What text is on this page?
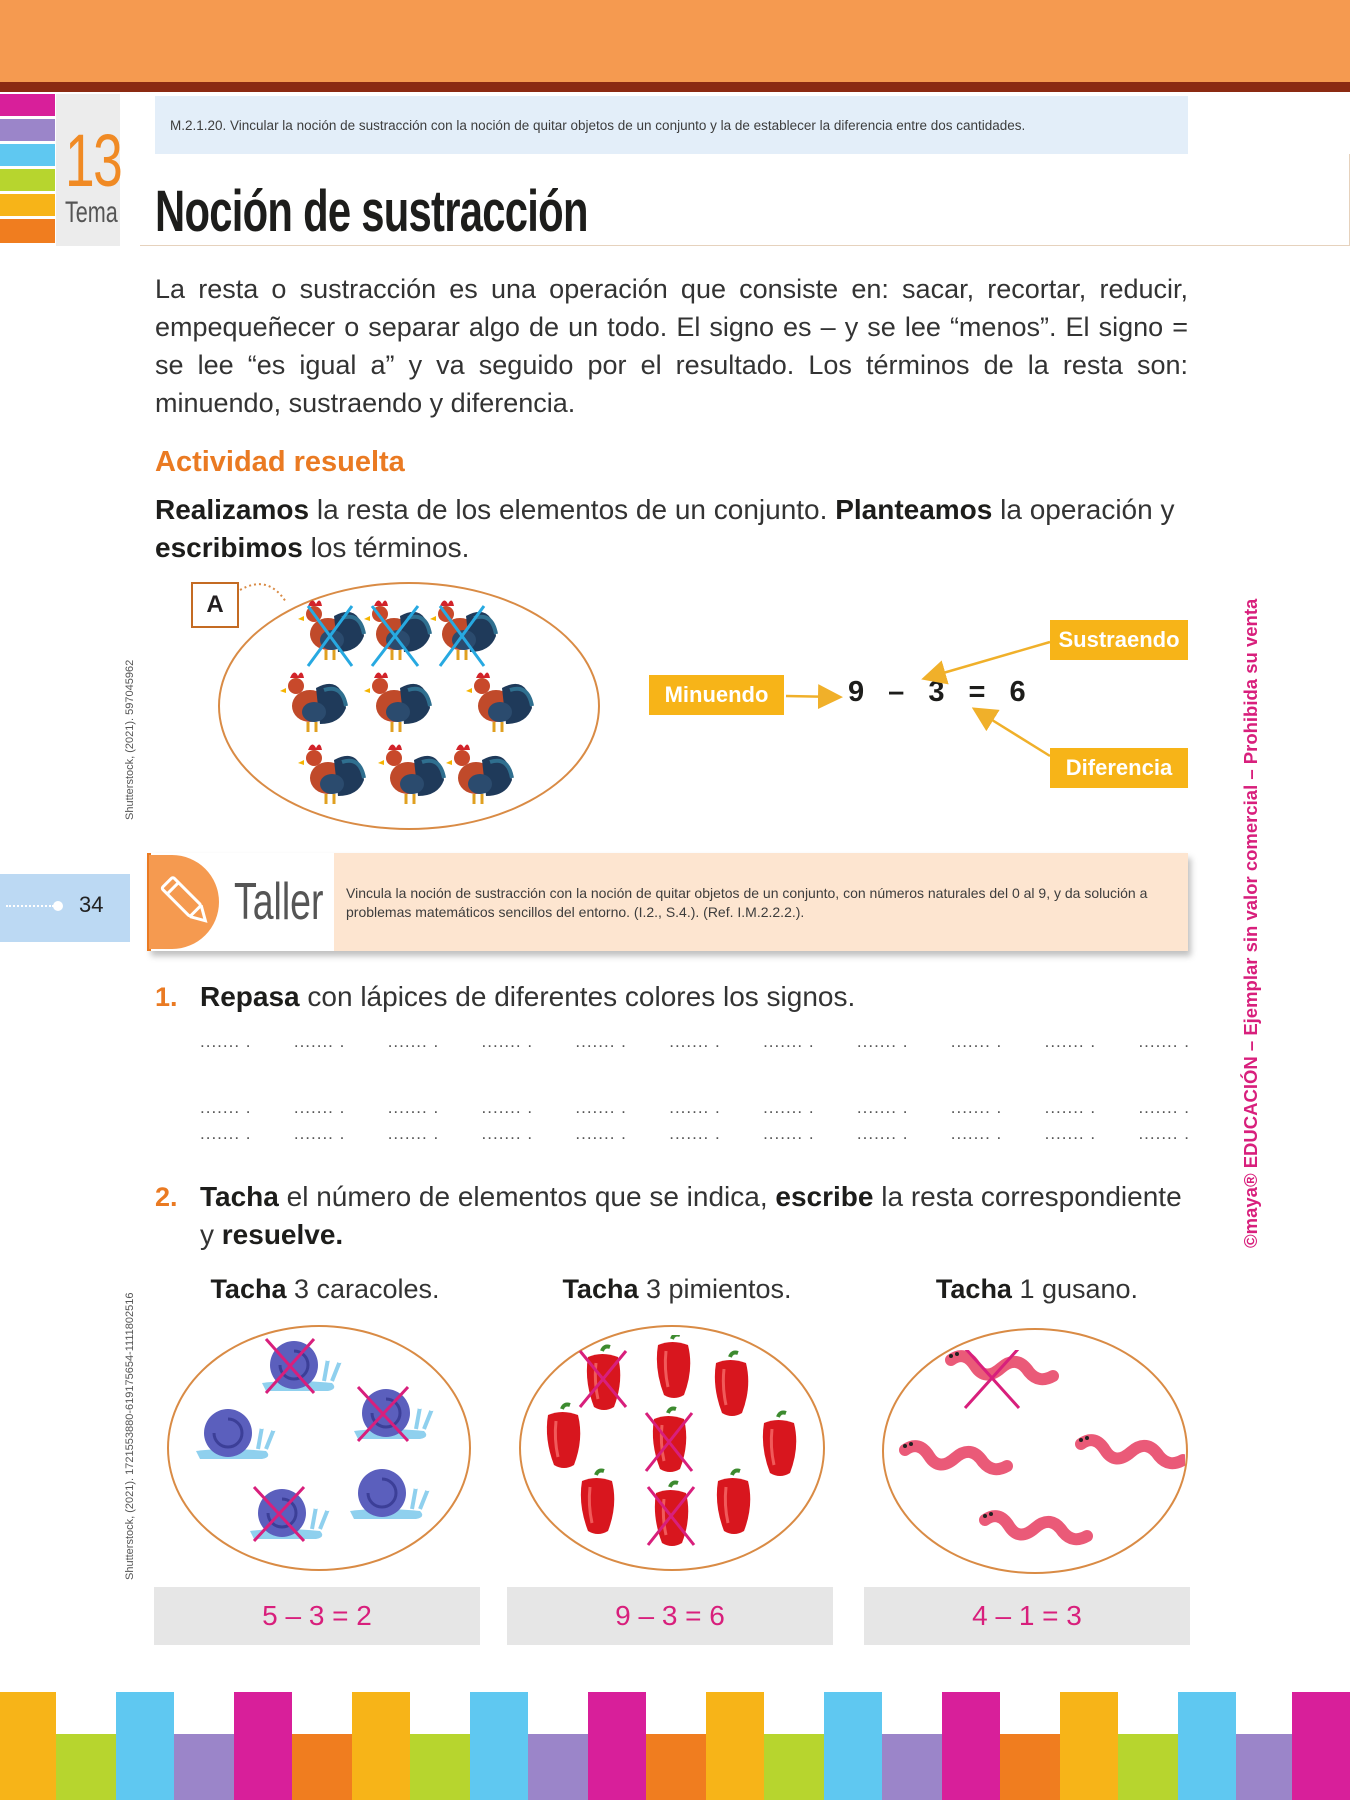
13
Tema
M.2.1.20. Vincular la noción de sustracción con la noción de quitar objetos de un conjunto y la de establecer la diferencia entre dos cantidades.
Noción de sustracción

La resta o sustracción es una operación que consiste en: sacar, recortar, reducir, empequeñecer o separar algo de un todo. El signo es – y se lee “menos”. El signo = se lee “es igual a” y va seguido por el resultado. Los términos de la resta son: minuendo, sustraendo y diferencia.

Actividad resuelta

Realizamos la resta de los elementos de un conjunto. Planteamos la operación y escribimos los términos.

A
Minuendo
Sustraendo
Diferencia
9 – 3 = 6
Shutterstock, (2021). 597045962
Shutterstock, (2021). 1721553880-619175654-1111802516
©maya® EDUCACIÓN – Ejemplar sin valor comercial – Prohibida su venta
34	Taller Vincula la noción de sustracción con la noción de quitar objetos de un conjunto, con números naturales del 0 al 9, y da solución a problemas matemáticos sencillos del entorno. (I.2., S.4.). (Ref. I.M.2.2.2.).
1. Repasa con lápices de diferentes colores los signos.
....... . ....... . ....... . ....... . ....... . ....... . ....... . ....... . ....... . ....... . ....... .
....... . ....... . ....... . ....... . ....... . ....... . ....... . ....... . ....... . ....... . ....... .
....... . ....... . ....... . ....... . ....... . ....... . ....... . ....... . ....... . ....... . ....... .
2. Tacha el número de elementos que se indica, escribe la resta correspondiente y resuelve.
Tacha 3 caracoles.	Tacha 3 pimientos.	Tacha 1 gusano.
5 – 3 = 2	9 – 3 = 6	4 – 1 = 3
